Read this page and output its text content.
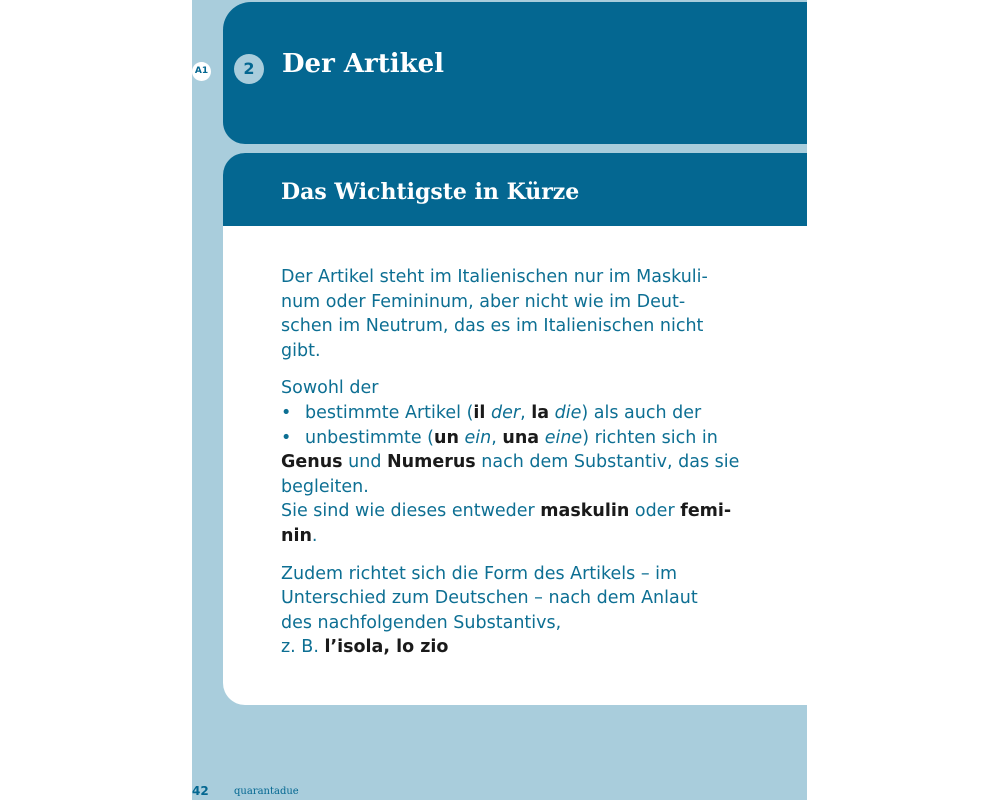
A1	2	Der Artikel
Das Wichtigste in Kürze

Der Artikel steht im Italienischen nur im Maskuli-

num oder Femininum, aber nicht wie im Deut-

schen im Neutrum, das es im Italienischen nicht

gibt.

Sowohl der

• bestimmte Artikel (il der, la die) als auch der

• unbestimmte (un ein, una eine) richten sich in

Genus und Numerus nach dem Substantiv, das sie

begleiten.

Sie sind wie dieses entweder maskulin oder femi-

nin.

Zudem richtet sich die Form des Artikels – im

Unterschied zum Deutschen – nach dem Anlaut

des nachfolgenden Substantivs,

z. B. l’isola, lo zio

42	quarantadue
